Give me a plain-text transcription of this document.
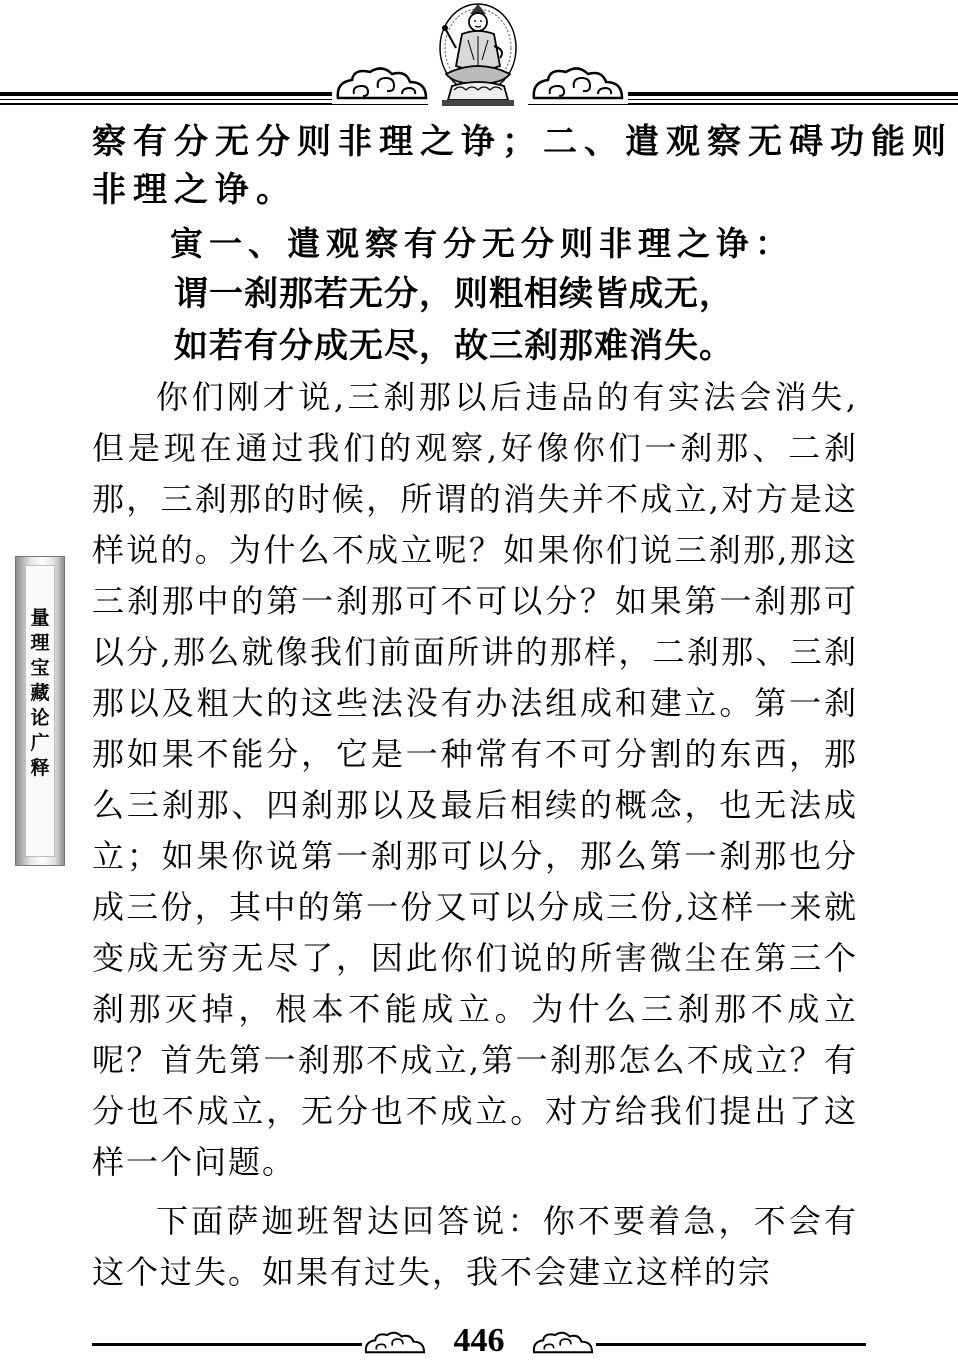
察有分无分则非理之诤；二、遣观察无碍功能则
非理之诤。
寅一、遣观察有分无分则非理之诤：
谓一刹那若无分，则粗相续皆成无，
如若有分成无尽，故三刹那难消失。

你们刚才说,三刹那以后违品的有实法会消失,但是现在通过我们的观察,好像你们一刹那、二刹那，三刹那的时候，所谓的消失并不成立,对方是这样说的。为什么不成立呢？如果你们说三刹那,那这三刹那中的第一刹那可不可以分？如果第一刹那可以分,那么就像我们前面所讲的那样，二刹那、三刹那以及粗大的这些法没有办法组成和建立。第一刹那如果不能分，它是一种常有不可分割的东西，那么三刹那、四刹那以及最后相续的概念，也无法成立；如果你说第一刹那可以分，那么第一刹那也分成三份，其中的第一份又可以分成三份,这样一来就变成无穷无尽了，因此你们说的所害微尘在第三个刹那灭掉，根本不能成立。为什么三刹那不成立呢？首先第一刹那不成立,第一刹那怎么不成立？有分也不成立，无分也不成立。对方给我们提出了这样一个问题。

下面萨迦班智达回答说：你不要着急，不会有这个过失。如果有过失，我不会建立这样的宗

量
理
宝
藏
论
广
释
446
